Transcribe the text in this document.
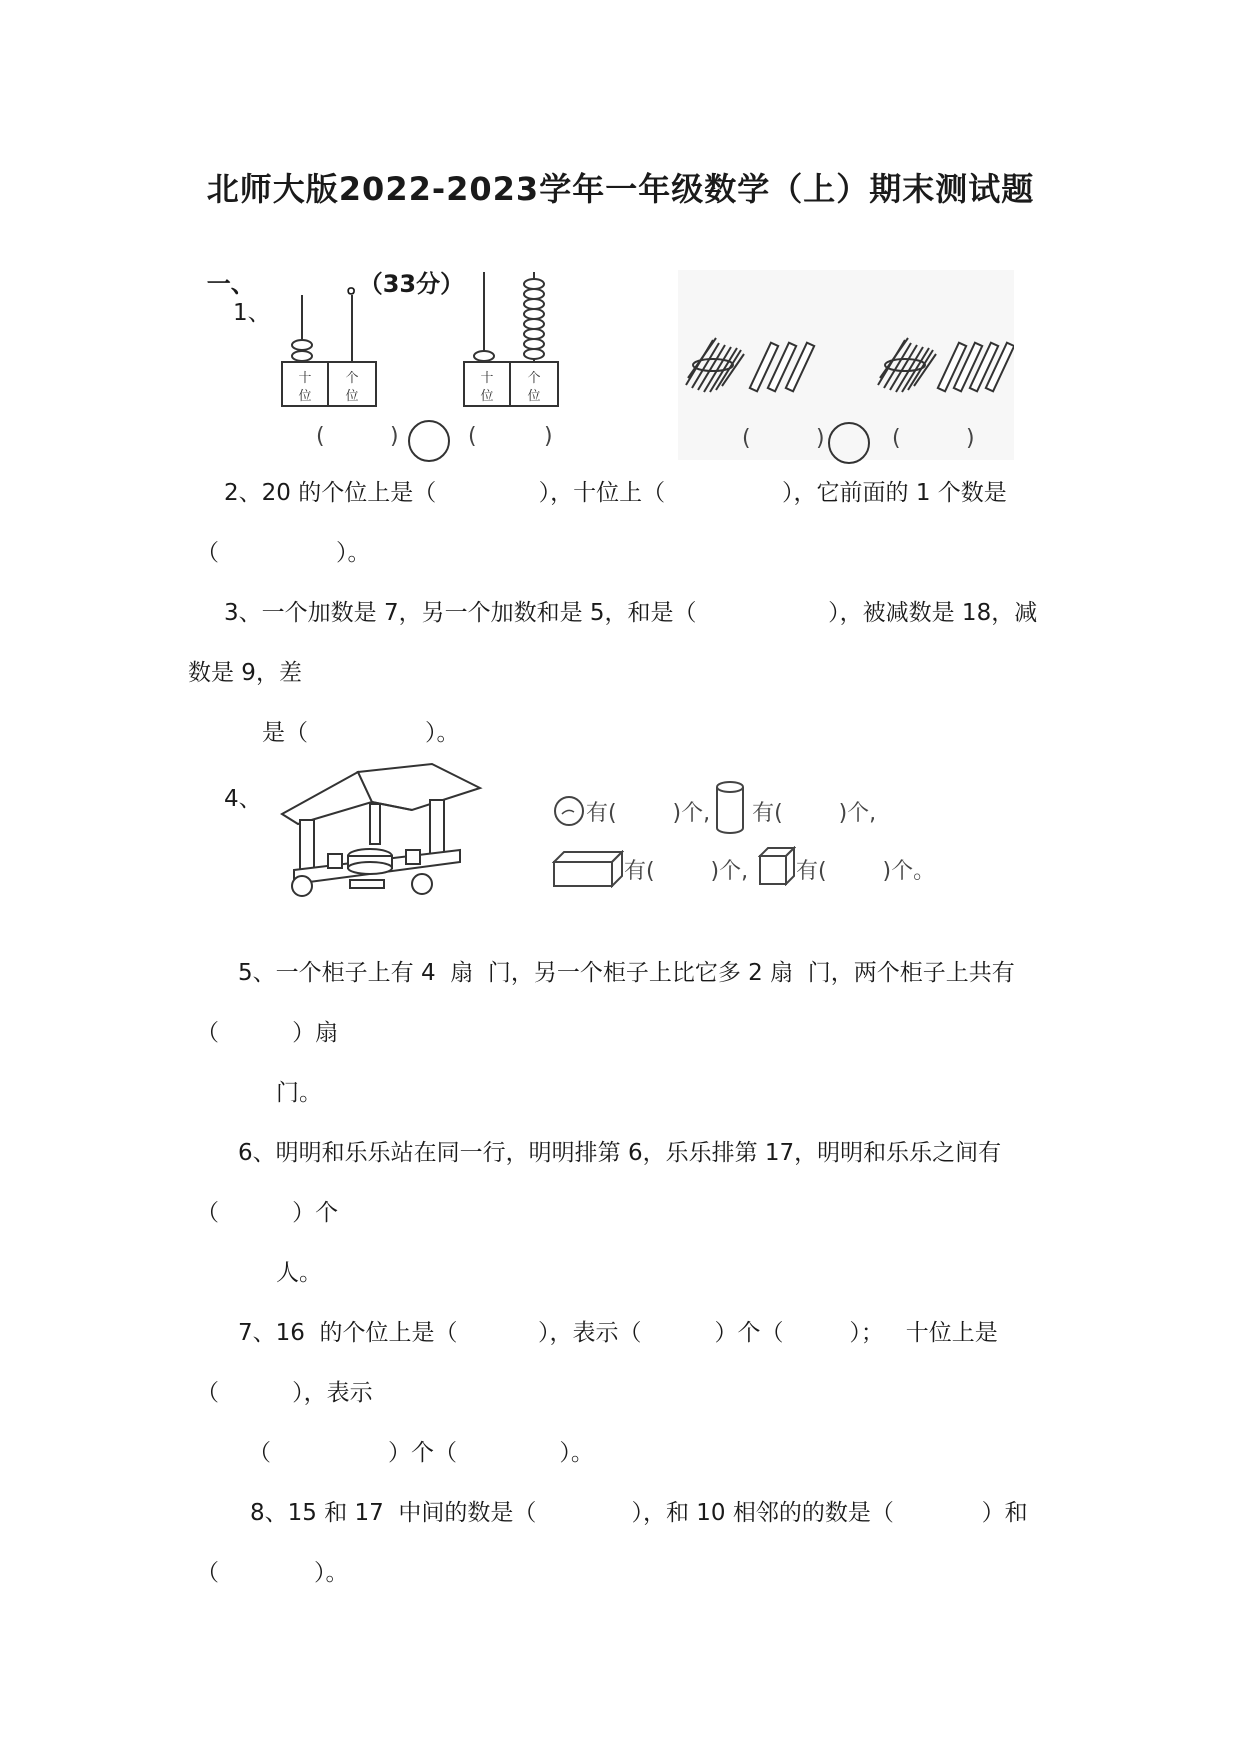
北师大版2022-2023学年一年级数学（上）期末测试题

一、	。（33分）

1、
十
位
个
位
十
位
个
位
(	)	(	)	(	)	(	)
2、20 的个位上是（              ），十位上（                ），它前面的 1 个数是
（                ）。
3、一个加数是 7，另一个加数和是 5，和是（                  ），被减数是 18，减
数是 9，差
是（                ）。
4、
有(        )个,      有(        )个,
有(        )个, 有(        )个。
5、一个柜子上有 4  扇  门，另一个柜子上比它多 2 扇  门，两个柜子上共有
（          ）扇
门。
6、明明和乐乐站在同一行，明明排第 6，乐乐排第 17，明明和乐乐之间有
（          ）个
人。
7、16  的个位上是（           ），表示（          ）个（         ）；   十位上是
（          ），表示
（                ）个（              ）。
8、15 和 17  中间的数是（             ），和 10 相邻的的数是（            ）和
（             ）。
